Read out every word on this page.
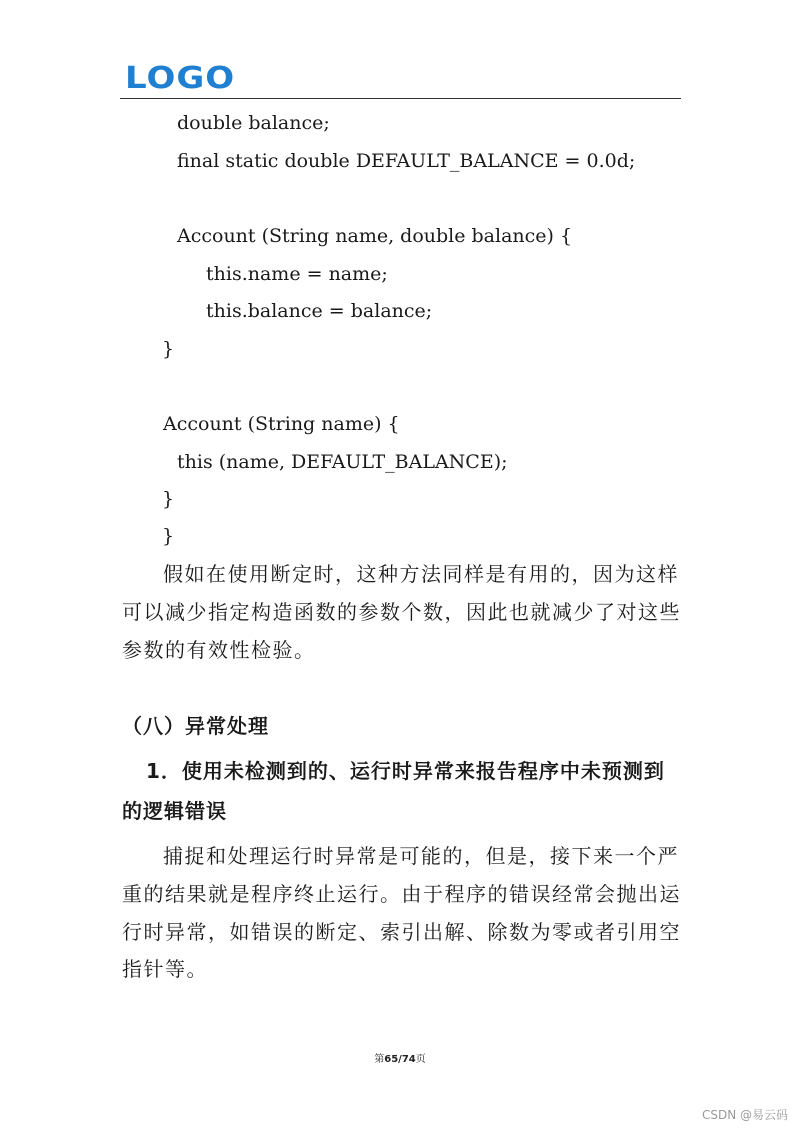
LOGO
double balance;
final static double DEFAULT_BALANCE = 0.0d;
Account (String name, double balance) {
this.name = name;
this.balance = balance;
}
Account (String name) {
this (name, DEFAULT_BALANCE);
}
}
假如在使用断定时，这种方法同样是有用的，因为这样
可以减少指定构造函数的参数个数，因此也就减少了对这些
参数的有效性检验。
（八）异常处理
1．使用未检测到的、运行时异常来报告程序中未预测到
的逻辑错误
捕捉和处理运行时异常是可能的，但是，接下来一个严
重的结果就是程序终止运行。由于程序的错误经常会抛出运
行时异常，如错误的断定、索引出解、除数为零或者引用空
指针等。
第65/74页
CSDN @易云码
